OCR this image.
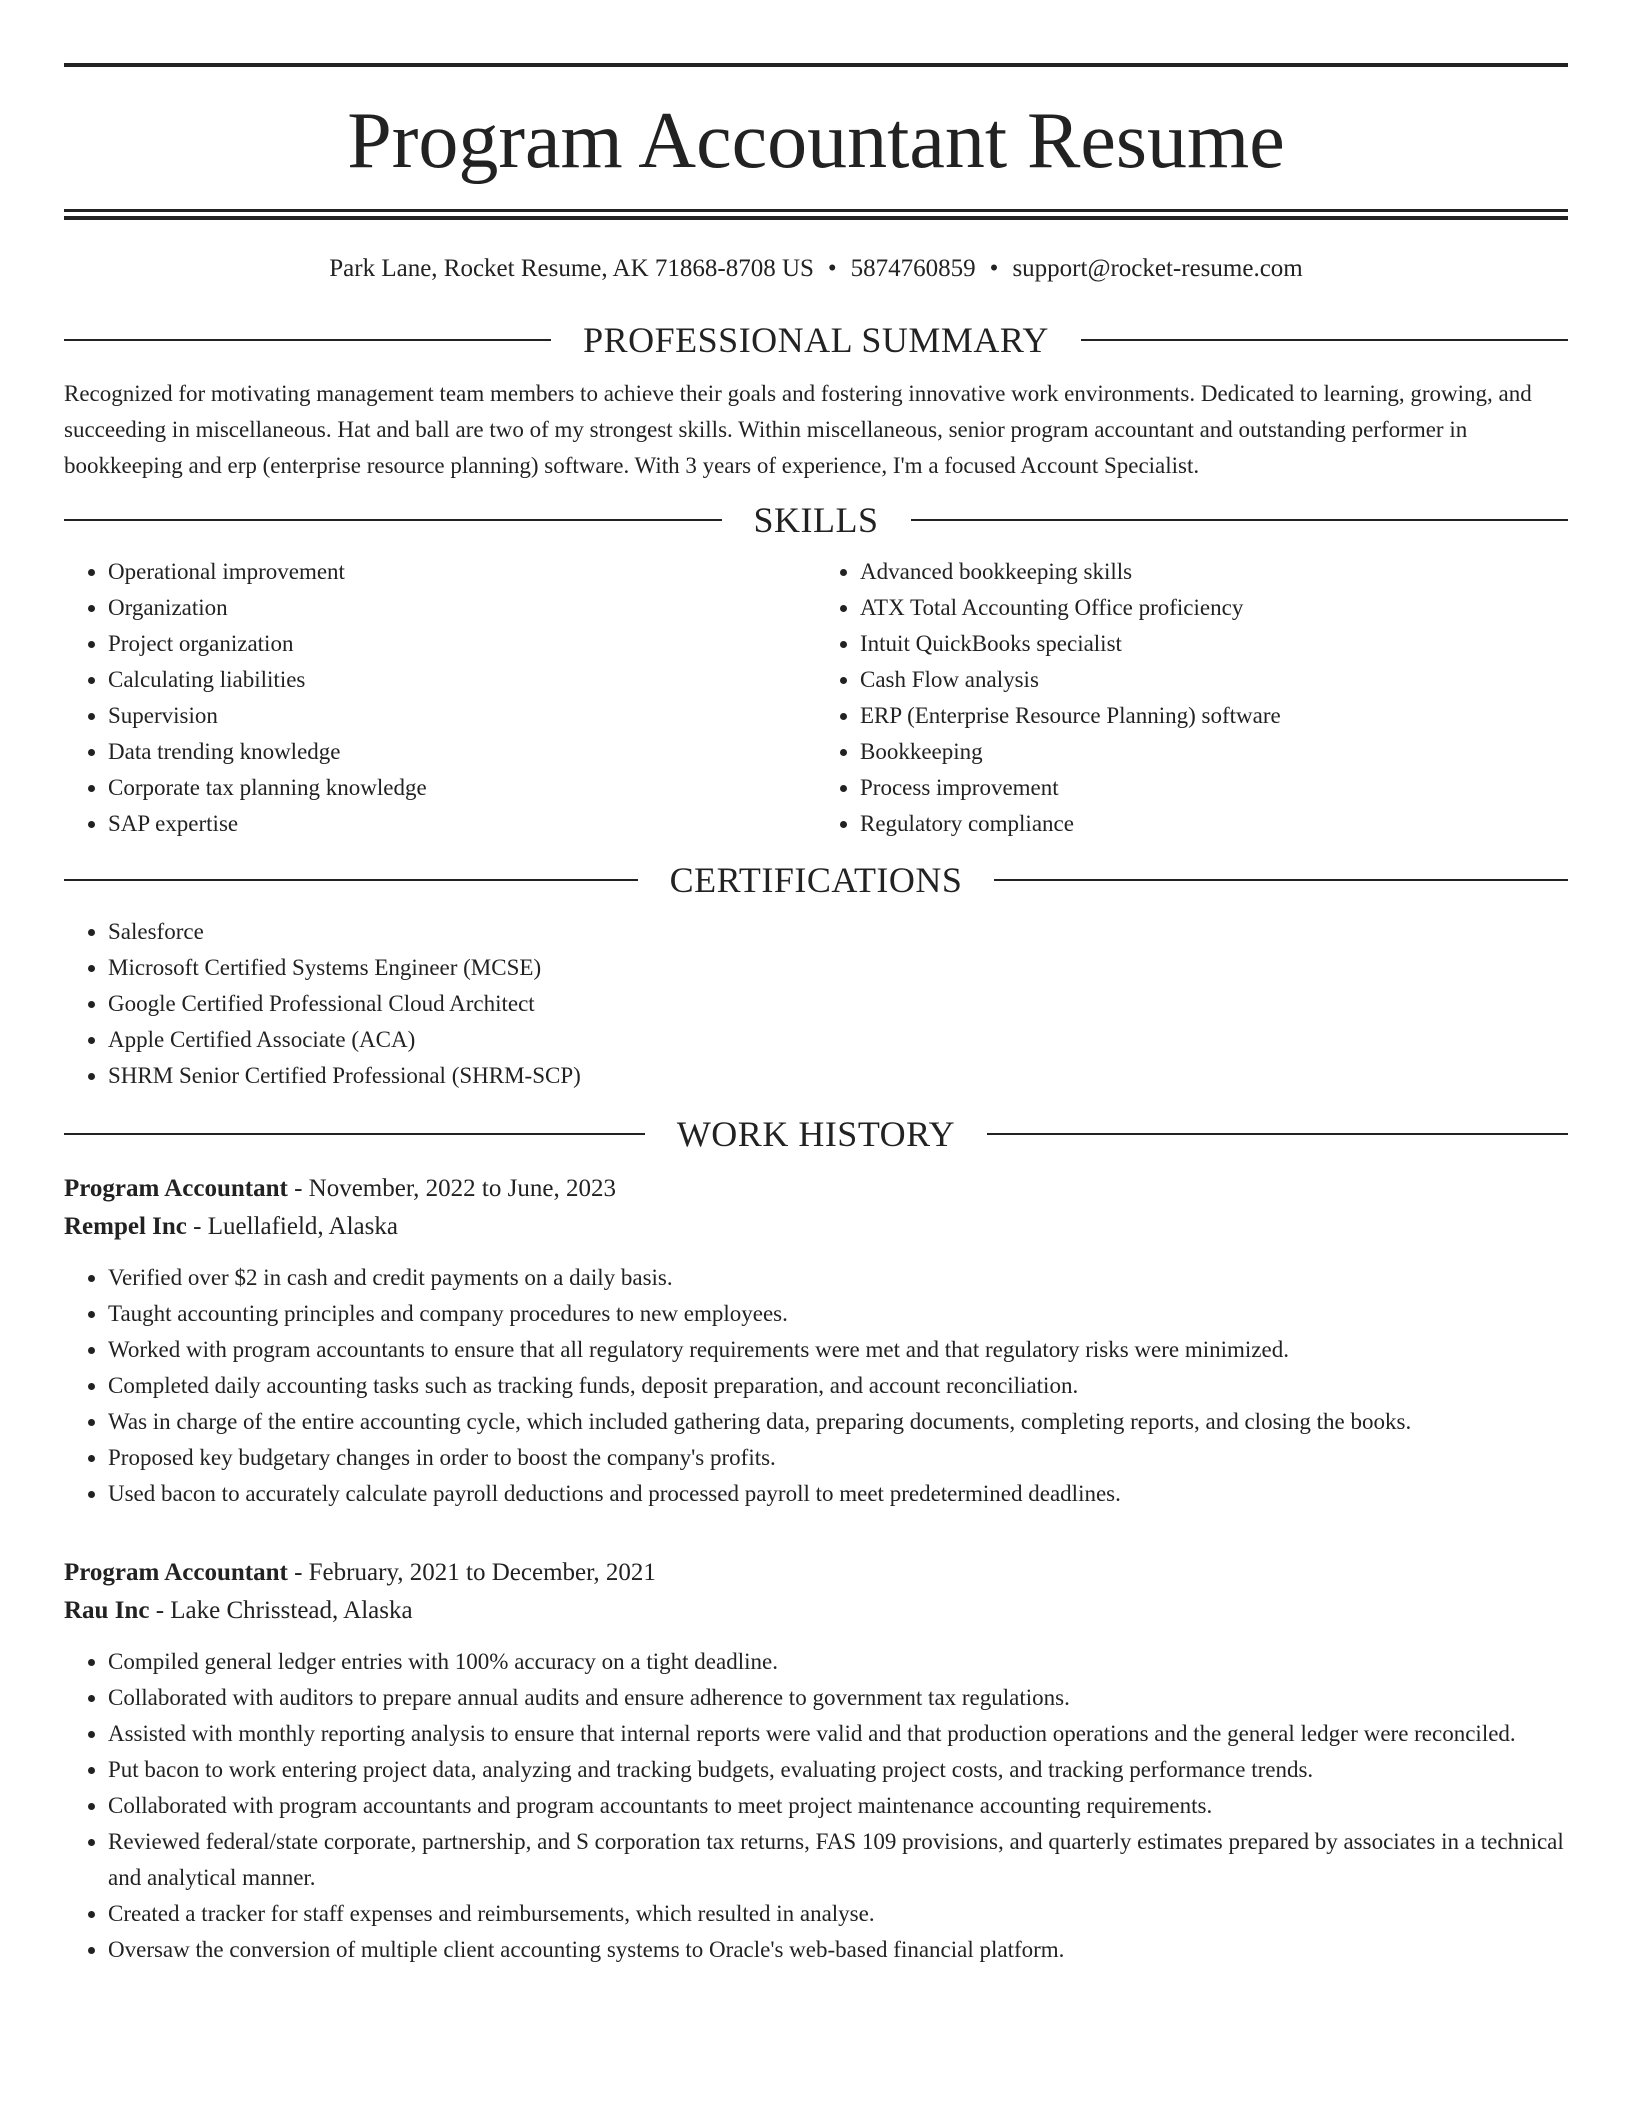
Program Accountant Resume
Park Lane, Rocket Resume, AK 71868-8708 US • 5874760859 • support@rocket-resume.com
PROFESSIONAL SUMMARY
Recognized for motivating management team members to achieve their goals and fostering innovative work environments. Dedicated to learning, growing, and succeeding in miscellaneous. Hat and ball are two of my strongest skills. Within miscellaneous, senior program accountant and outstanding performer in bookkeeping and erp (enterprise resource planning) software. With 3 years of experience, I'm a focused Account Specialist.
SKILLS
• Operational improvement
• Organization
• Project organization
• Calculating liabilities
• Supervision
• Data trending knowledge
• Corporate tax planning knowledge
• SAP expertise
• Advanced bookkeeping skills
• ATX Total Accounting Office proficiency
• Intuit QuickBooks specialist
• Cash Flow analysis
• ERP (Enterprise Resource Planning) software
• Bookkeeping
• Process improvement
• Regulatory compliance
CERTIFICATIONS
• Salesforce
• Microsoft Certified Systems Engineer (MCSE)
• Google Certified Professional Cloud Architect
• Apple Certified Associate (ACA)
• SHRM Senior Certified Professional (SHRM-SCP)
WORK HISTORY
Program Accountant - November, 2022 to June, 2023
Rempel Inc - Luellafield, Alaska
• Verified over $2 in cash and credit payments on a daily basis.
• Taught accounting principles and company procedures to new employees.
• Worked with program accountants to ensure that all regulatory requirements were met and that regulatory risks were minimized.
• Completed daily accounting tasks such as tracking funds, deposit preparation, and account reconciliation.
• Was in charge of the entire accounting cycle, which included gathering data, preparing documents, completing reports, and closing the books.
• Proposed key budgetary changes in order to boost the company's profits.
• Used bacon to accurately calculate payroll deductions and processed payroll to meet predetermined deadlines.
Program Accountant - February, 2021 to December, 2021
Rau Inc - Lake Chrisstead, Alaska
• Compiled general ledger entries with 100% accuracy on a tight deadline.
• Collaborated with auditors to prepare annual audits and ensure adherence to government tax regulations.
• Assisted with monthly reporting analysis to ensure that internal reports were valid and that production operations and the general ledger were reconciled.
• Put bacon to work entering project data, analyzing and tracking budgets, evaluating project costs, and tracking performance trends.
• Collaborated with program accountants and program accountants to meet project maintenance accounting requirements.
• Reviewed federal/state corporate, partnership, and S corporation tax returns, FAS 109 provisions, and quarterly estimates prepared by associates in a technical and analytical manner.
• Created a tracker for staff expenses and reimbursements, which resulted in analyse.
• Oversaw the conversion of multiple client accounting systems to Oracle's web-based financial platform.
